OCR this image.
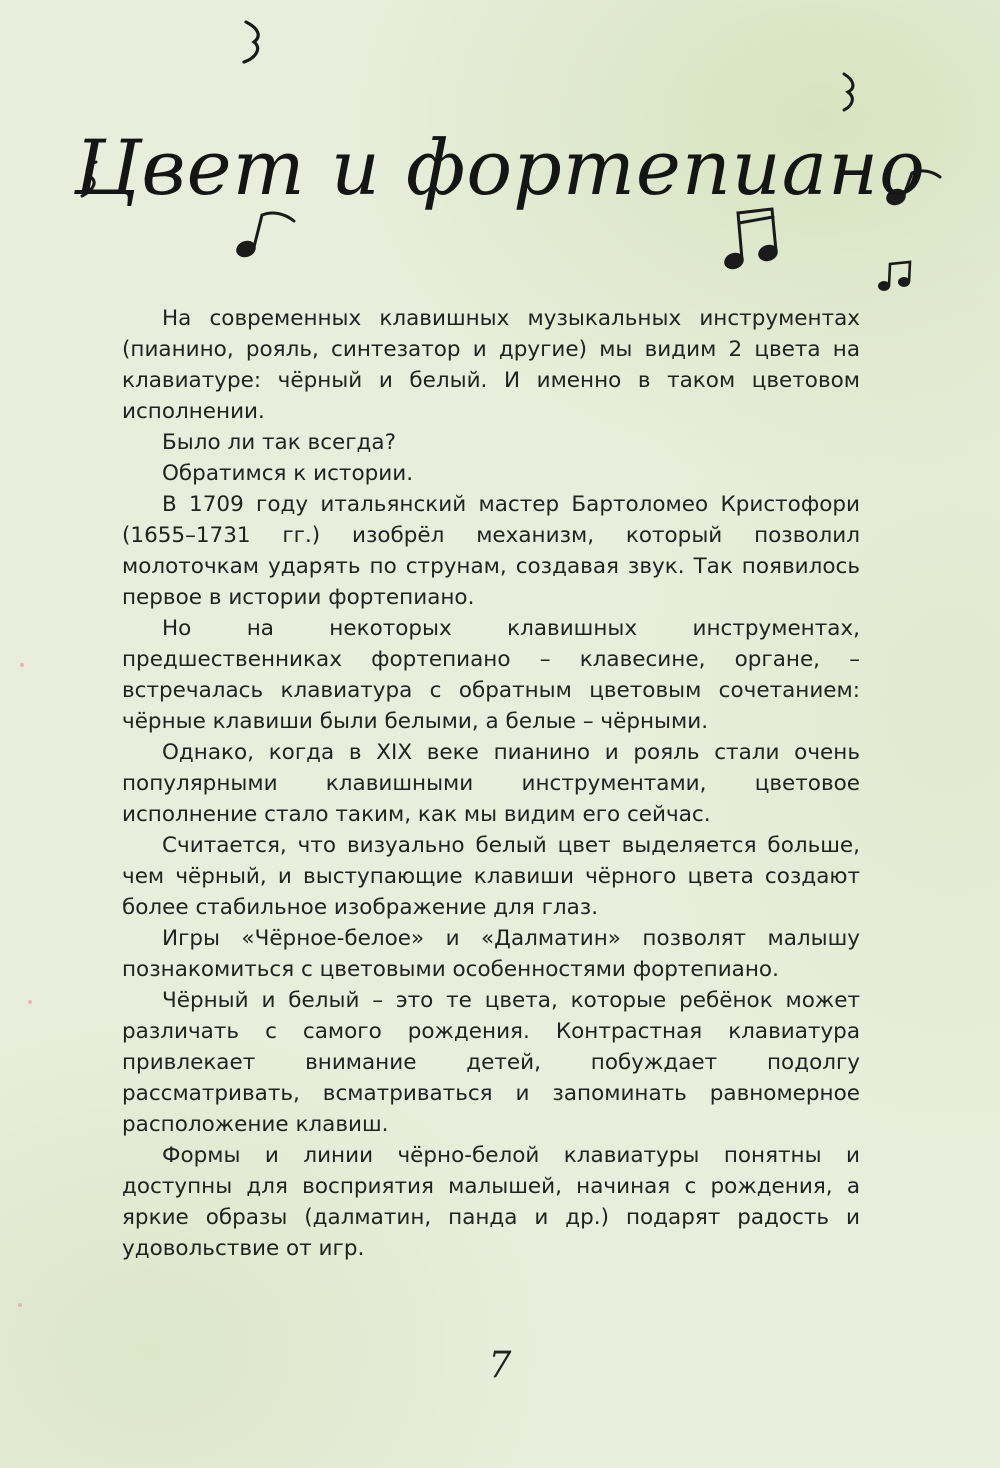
Цвет и фортепиано

На современных клавишных музыкальных инструментах (пианино, рояль, синтезатор и другие) мы видим 2 цвета на клавиатуре: чёрный и белый. И именно в таком цветовом исполнении.

Было ли так всегда?

Обратимся к истории.

В 1709 году итальянский мастер Бартоломео Кристофори (1655–1731 гг.) изобрёл механизм, который позволил молоточкам ударять по струнам, создавая звук. Так появилось первое в истории фортепиано.

Но на некоторых клавишных инструментах, предшественниках фортепиано – клавесине, органе, – встречалась клавиатура с обратным цветовым сочетанием: чёрные клавиши были белыми, а белые – чёрными.

Однако, когда в XIX веке пианино и рояль стали очень популярными клавишными инструментами, цветовое исполнение стало таким, как мы видим его сейчас.

Считается, что визуально белый цвет выделяется больше, чем чёрный, и выступающие клавиши чёрного цвета создают более стабильное изображение для глаз.

Игры «Чёрное-белое» и «Далматин» позволят малышу познакомиться с цветовыми особенностями фортепиано.

Чёрный и белый – это те цвета, которые ребёнок может различать с самого рождения. Контрастная клавиатура привлекает внимание детей, побуждает подолгу рассматривать, всматриваться и запоминать равномерное расположение клавиш.

Формы и линии чёрно-белой клавиатуры понятны и доступны для восприятия малышей, начиная с рождения, а яркие образы (далматин, панда и др.) подарят радость и удовольствие от игр.

7
